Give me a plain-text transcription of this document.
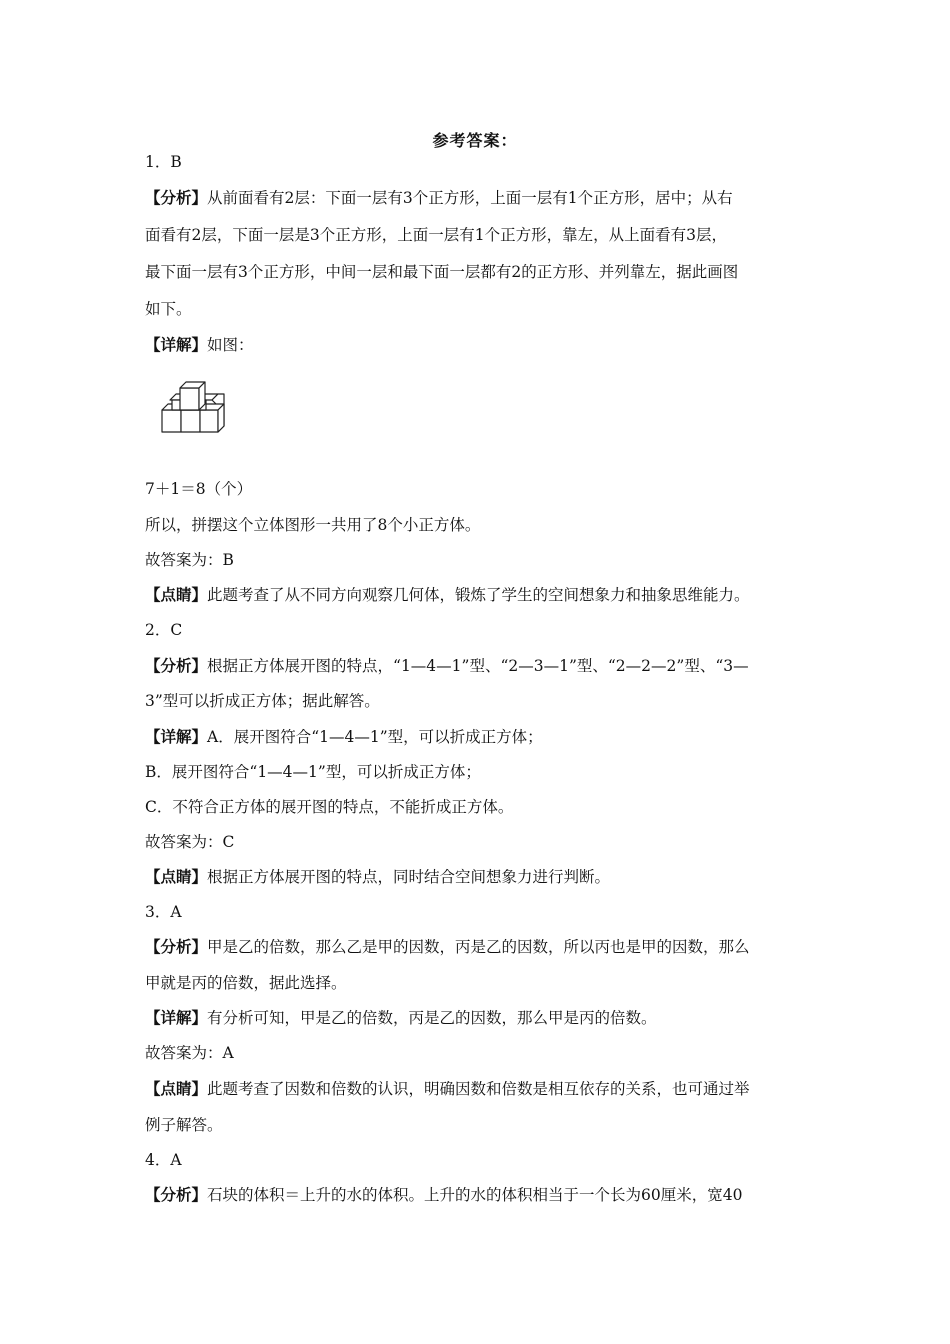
参考答案：
1．B
【分析】从前面看有2层：下面一层有3个正方形，上面一层有1个正方形，居中；从右
面看有2层，下面一层是3个正方形，上面一层有1个正方形，靠左，从上面看有3层，
最下面一层有3个正方形，中间一层和最下面一层都有2的正方形、并列靠左，据此画图
如下。
【详解】如图：
7＋1＝8（个）
所以，拼摆这个立体图形一共用了8个小正方体。
故答案为：B
【点睛】此题考查了从不同方向观察几何体，锻炼了学生的空间想象力和抽象思维能力。
2．C
【分析】根据正方体展开图的特点，“1—4—1”型、“2—3—1”型、“2—2—2”型、“3—
3”型可以折成正方体；据此解答。
【详解】A．展开图符合“1—4—1”型，可以折成正方体；
B．展开图符合“1—4—1”型，可以折成正方体；
C．不符合正方体的展开图的特点，不能折成正方体。
故答案为：C
【点睛】根据正方体展开图的特点，同时结合空间想象力进行判断。
3．A
【分析】甲是乙的倍数，那么乙是甲的因数，丙是乙的因数，所以丙也是甲的因数，那么
甲就是丙的倍数，据此选择。
【详解】有分析可知，甲是乙的倍数，丙是乙的因数，那么甲是丙的倍数。
故答案为：A
【点睛】此题考查了因数和倍数的认识，明确因数和倍数是相互依存的关系，也可通过举
例子解答。
4．A
【分析】石块的体积＝上升的水的体积。上升的水的体积相当于一个长为60厘米，宽40
